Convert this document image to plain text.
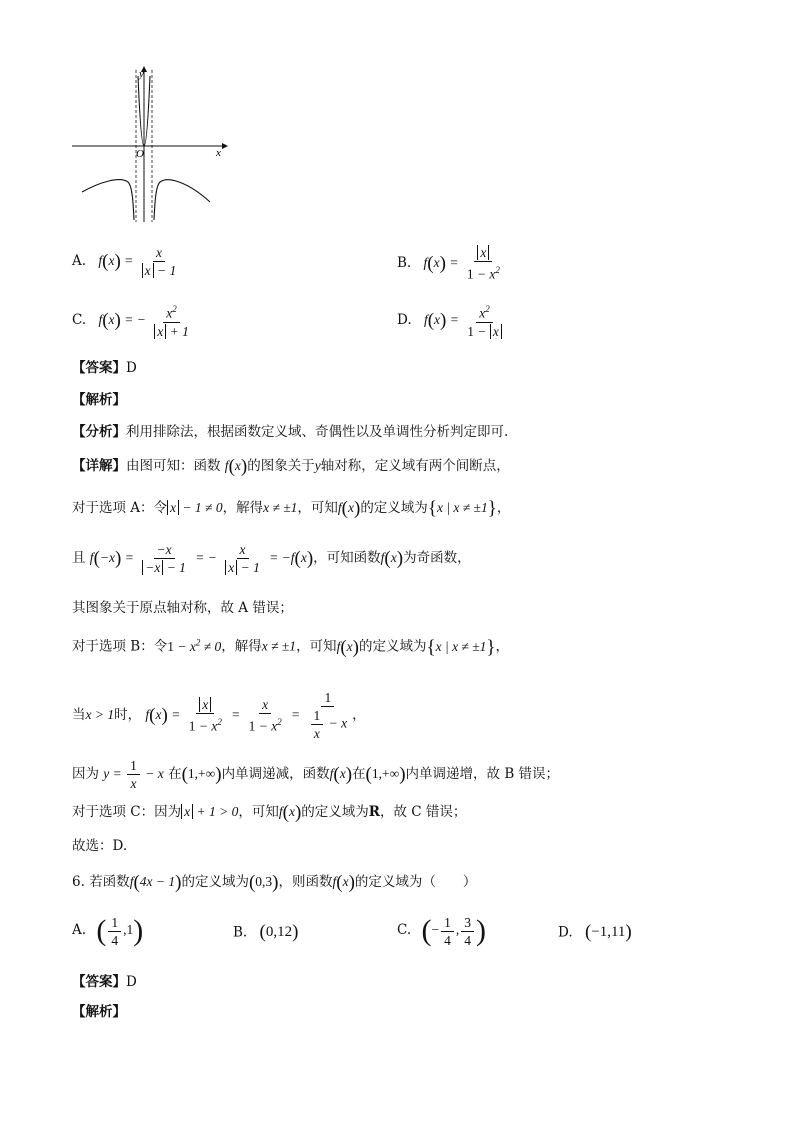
y
x
O
A. $f(x) = \frac{x}{x - 1}$	B. $f(x) = \frac{x}{1 - x^2}$
C. f(x) = − $\frac{x^2}{x + 1}$	D. $f(x) = \frac{x^2}{1 - x}$
【答案】D
【解析】
【分析】利用排除法，根据函数定义域、奇偶性以及单调性分析判定即可.
【详解】由图可知：函数 f(x)的图象关于y轴对称，定义域有两个间断点，
对于选项 A：令 x − 1 ≠ 0，解得x ≠ ±1，可知f(x)的定义域为{x | x ≠ ±1}，
且 $f(-x) = \frac{-x}{-x - 1}$ = − $\frac{x}{x - 1} = -f(x)$，可知函数f(x)为奇函数，
其图象关于原点轴对称，故 A 错误；
对于选项 B：令$1 - x^2 \ne 0$，解得x ≠ ±1，可知f(x)的定义域为{x | x ≠ ±1}，
当x > 1时， $f(x) = \frac{x}{1 - x^2} = \frac{x}{1 - x^2} = \frac{1}{\frac{1}{x} - x}$ ，
因为 $y = \frac{1}{x} - x$ 在(1,+∞)内单调递减，函数f(x)在(1,+∞)内单调递增，故 B 错误；
对于选项 C：因为 x + 1 > 0，可知f(x)的定义域为R，故 C 错误；
故选：D.
6. 若函数f(4x − 1)的定义域为(0,3)，则函数f(x)的定义域为（　　）
A. ( $\frac{1}{4} ,1$)	B. (0,12)	C. (− $\frac{1}{4}$ , $\frac{3}{4}$ )	D. (−1,11)
【答案】D
【解析】
